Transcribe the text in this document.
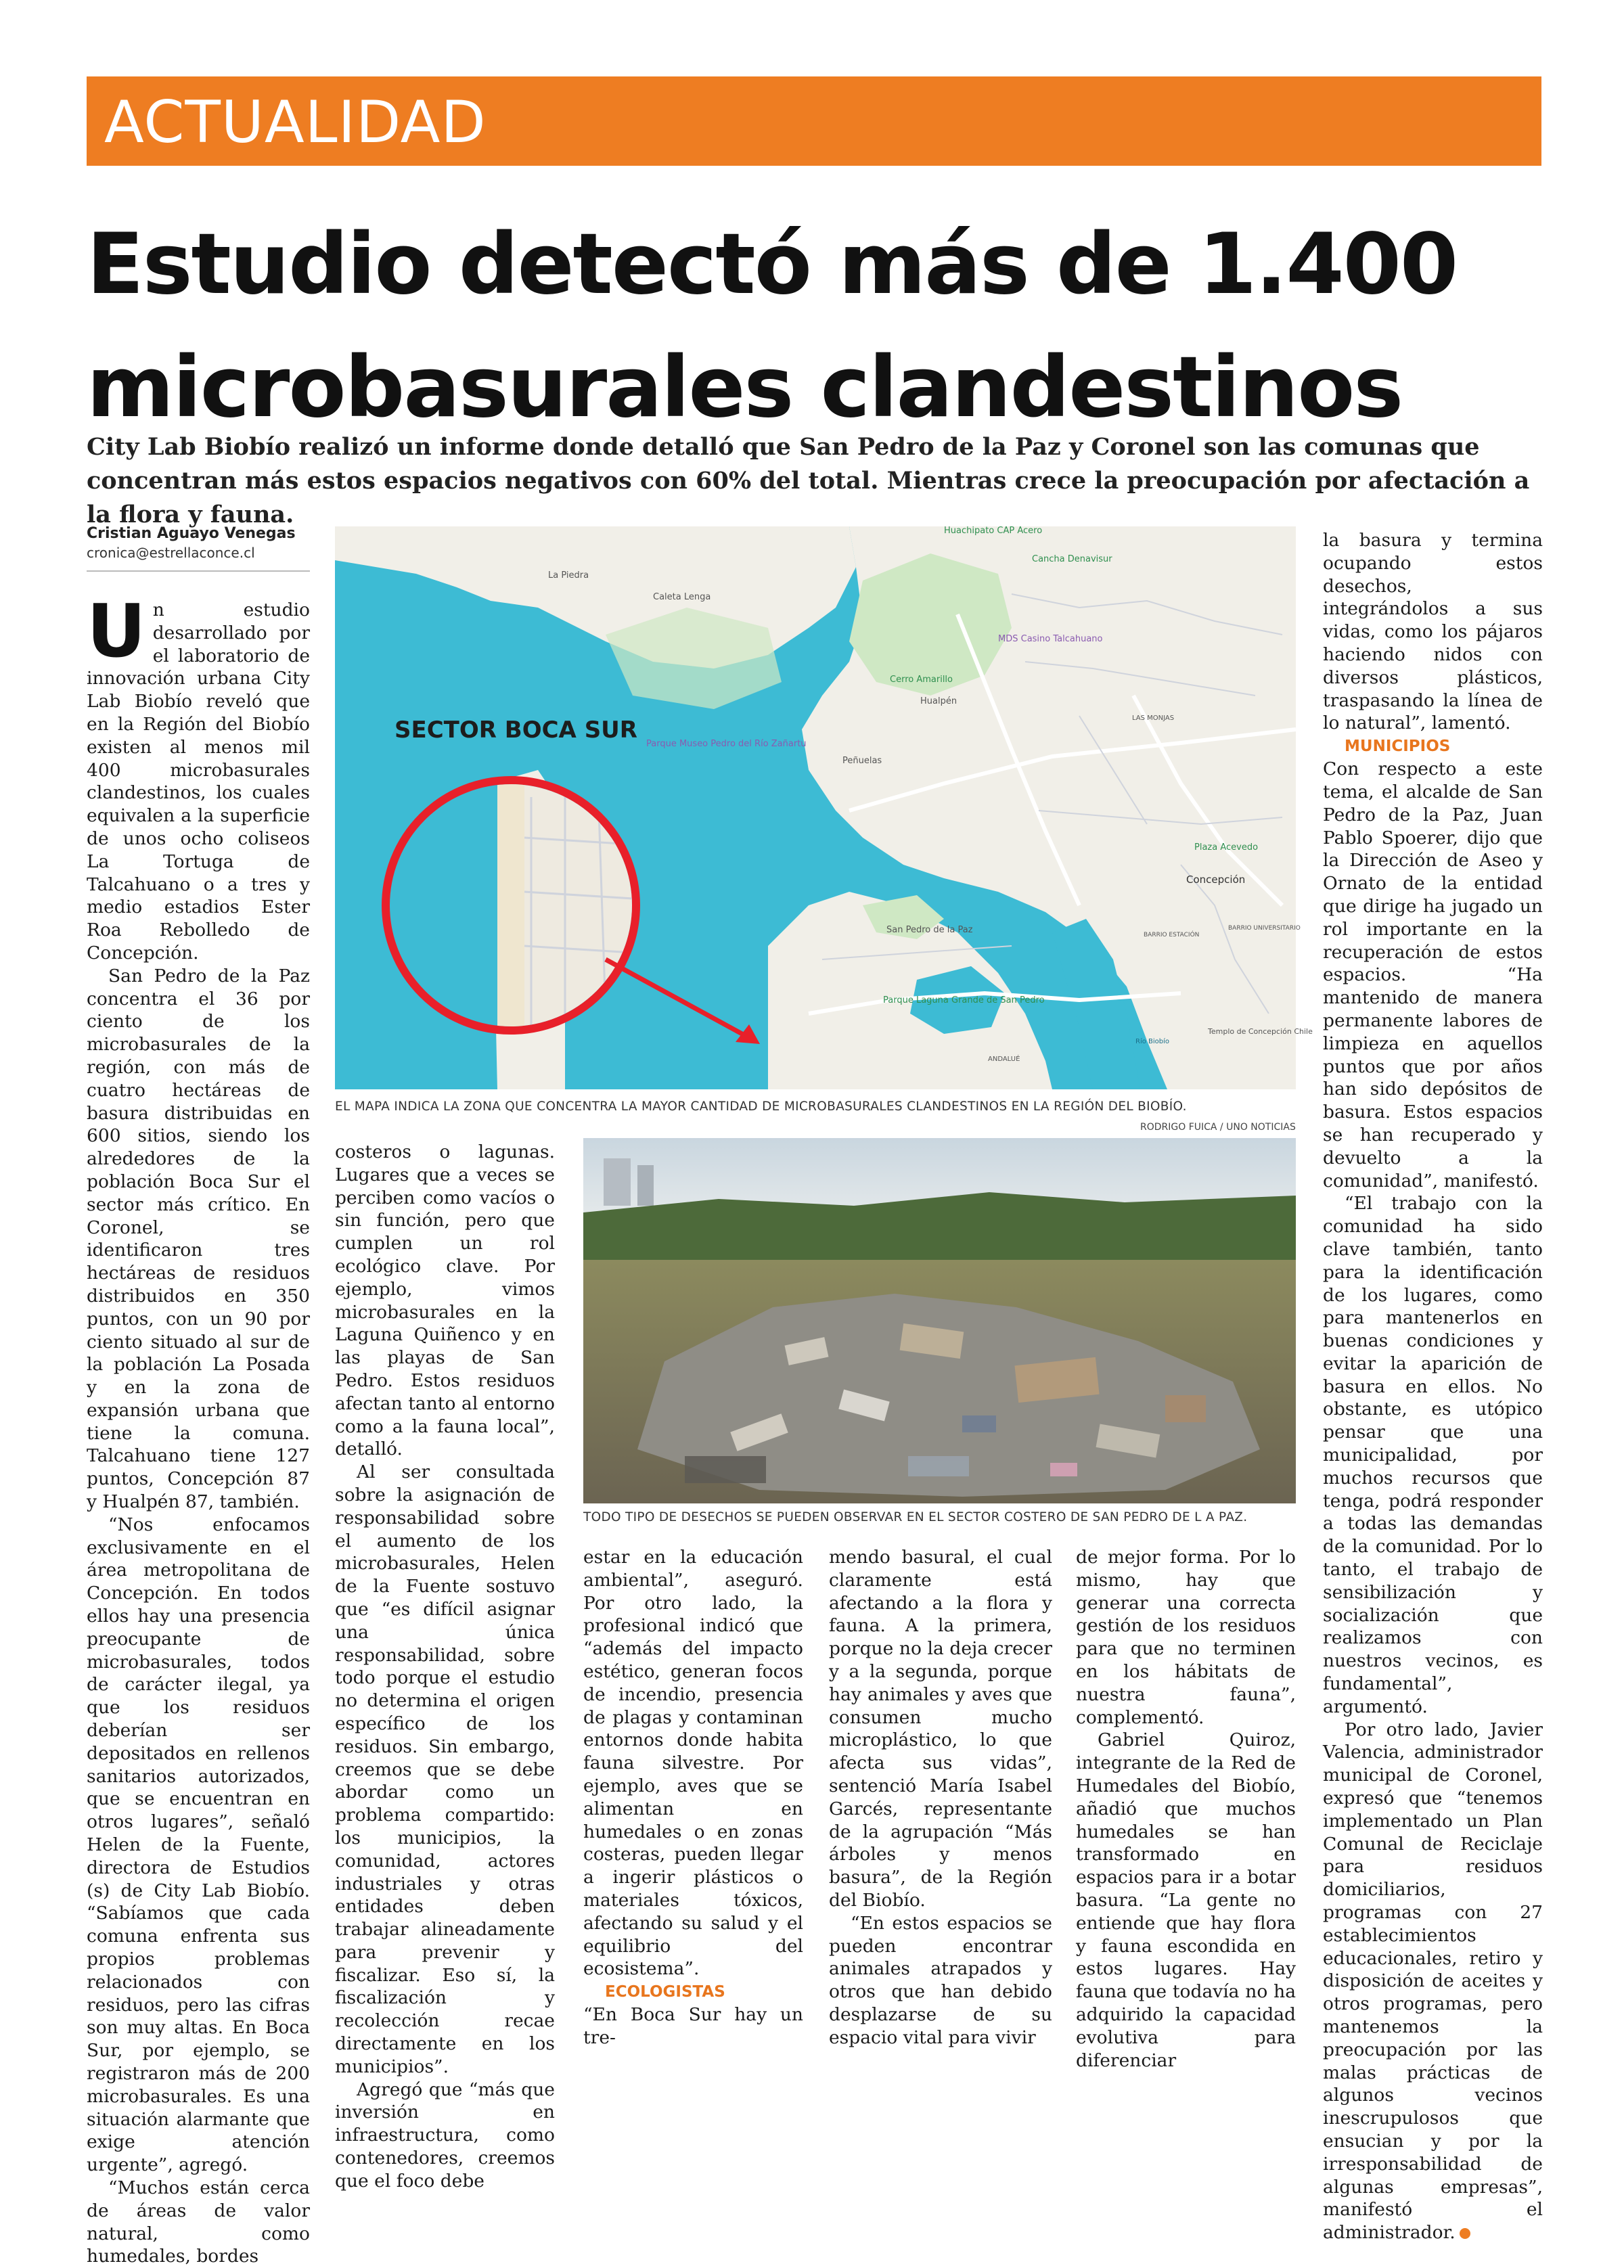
ACTUALIDAD
Estudio detectó más de 1.400
microbasurales clandestinos
City Lab Biobío realizó un informe donde detalló que San Pedro de la Paz y Coronel son las comunas que concentran más estos espacios negativos con 60% del total. Mientras crece la preocupación por afectación a la flora y fauna.
Cristian Aguayo Venegas
cronica@estrellaconce.cl

Un estudio desarrollado por el laboratorio de innovación urbana City Lab Biobío reveló que en la Región del Biobío existen al menos mil 400 microbasurales clandestinos, los cuales equivalen a la superficie de unos ocho coliseos La Tortuga de Talcahuano o a tres y medio estadios Ester Roa Rebolledo de Concepción.

San Pedro de la Paz concentra el 36 por ciento de los microbasurales de la región, con más de cuatro hectáreas de basura distribuidas en 600 sitios, siendo los alrededores de la población Boca Sur el sector más crítico. En Coronel, se identificaron tres hectáreas de residuos distribuidos en 350 puntos, con un 90 por ciento situado al sur de la población La Posada y en la zona de expansión urbana que tiene la comuna. Talcahuano tiene 127 puntos, Concepción 87 y Hualpén 87, también.

“Nos enfocamos exclusivamente en el área metropolitana de Concepción. En todos ellos hay una presencia preocupante de microbasurales, todos de carácter ilegal, ya que los residuos deberían ser depositados en rellenos sanitarios autorizados, que se encuentran en otros lugares”, señaló Helen de la Fuente, directora de Estudios (s) de City Lab Biobío. “Sabíamos que cada comuna enfrenta sus propios problemas relacionados con residuos, pero las cifras son muy altas. En Boca Sur, por ejemplo, se registraron más de 200 microbasurales. Es una situación alarmante que exige atención urgente”, agregó.

“Muchos están cerca de áreas de valor natural, como humedales, bordes

La Piedra
Caleta Lenga
Huachipato CAP Acero
Cancha Denavisur
MDS Casino Talcahuano
Cerro Amarillo
Hualpén
Parque Museo Pedro del Río Zañartu
Peñuelas
LAS MONJAS
Plaza Acevedo
Concepción
San Pedro de la Paz
Parque Laguna Grande de San Pedro
BARRIO ESTACIÓN
BARRIO UNIVERSITARIO
Templo de Concepción Chile
ANDALUÉ
Río Biobío
SECTOR BOCA SUR
EL MAPA INDICA LA ZONA QUE CONCENTRA LA MAYOR CANTIDAD DE MICROBASURALES CLANDESTINOS EN LA REGIÓN DEL BIOBÍO.
RODRIGO FUICA / UNO NOTICIAS

costeros o lagunas. Lugares que a veces se perciben como vacíos o sin función, pero que cumplen un rol ecológico clave. Por ejemplo, vimos microbasurales en la Laguna Quiñenco y en las playas de San Pedro. Estos residuos afectan tanto al entorno como a la fauna local”, detalló.

Al ser consultada sobre la asignación de responsabilidad sobre el aumento de los microbasurales, Helen de la Fuente sostuvo que “es difícil asignar una única responsabilidad, sobre todo porque el estudio no determina el origen específico de los residuos. Sin embargo, creemos que se debe abordar como un problema compartido: los municipios, la comunidad, actores industriales y otras entidades deben trabajar alineadamente para prevenir y fiscalizar. Eso sí, la fiscalización y recolección recae directamente en los municipios”.

Agregó que “más que inversión en infraestructura, como contenedores, creemos que el foco debe

TODO TIPO DE DESECHOS SE PUEDEN OBSERVAR EN EL SECTOR COSTERO DE SAN PEDRO DE L A PAZ.

estar en la educación ambiental”, aseguró. Por otro lado, la profesional indicó que “además del impacto estético, generan focos de incendio, presencia de plagas y contaminan entornos donde habita fauna silvestre. Por ejemplo, aves que se alimentan en humedales o en zonas costeras, pueden llegar a ingerir plásticos o materiales tóxicos, afectando su salud y el equilibrio del ecosistema”.

ECOLOGISTAS

“En Boca Sur hay un tre-

mendo basural, el cual claramente está afectando a la flora y fauna. A la primera, porque no la deja crecer y a la segunda, porque hay animales y aves que consumen mucho microplástico, lo que afecta sus vidas”, sentenció María Isabel Garcés, representante de la agrupación “Más árboles y menos basura”, de la Región del Biobío.

“En estos espacios se pueden encontrar animales atrapados y otros que han debido desplazarse de su espacio vital para vivir

de mejor forma. Por lo mismo, hay que generar una correcta gestión de los residuos para que no terminen en los hábitats de nuestra fauna”, complementó.

Gabriel Quiroz, integrante de la Red de Humedales del Biobío, añadió que muchos humedales se han transformado en espacios para ir a botar basura. “La gente no entiende que hay flora y fauna escondida en estos lugares. Hay fauna que todavía no ha adquirido la capacidad evolutiva para diferenciar

la basura y termina ocupando estos desechos, integrándolos a sus vidas, como los pájaros haciendo nidos con diversos plásticos, traspasando la línea de lo natural”, lamentó.

MUNICIPIOS

Con respecto a este tema, el alcalde de San Pedro de la Paz, Juan Pablo Spoerer, dijo que la Dirección de Aseo y Ornato de la entidad que dirige ha jugado un rol importante en la recuperación de estos espacios. “Ha mantenido de manera permanente labores de limpieza en aquellos puntos que por años han sido depósitos de basura. Estos espacios se han recuperado y devuelto a la comunidad”, manifestó.

“El trabajo con la comunidad ha sido clave también, tanto para la identificación de los lugares, como para mantenerlos en buenas condiciones y evitar la aparición de basura en ellos. No obstante, es utópico pensar que una municipalidad, por muchos recursos que tenga, podrá responder a todas las demandas de la comunidad. Por lo tanto, el trabajo de sensibilización y socialización que realizamos con nuestros vecinos, es fundamental”, argumentó.

Por otro lado, Javier Valencia, administrador municipal de Coronel, expresó que “tenemos implementado un Plan Comunal de Reciclaje para residuos domiciliarios, programas con 27 establecimientos educacionales, retiro y disposición de aceites y otros programas, pero mantenemos la preocupación por las malas prácticas de algunos vecinos inescrupulosos que ensucian y por la irresponsabilidad de algunas empresas”, manifestó el administrador.
